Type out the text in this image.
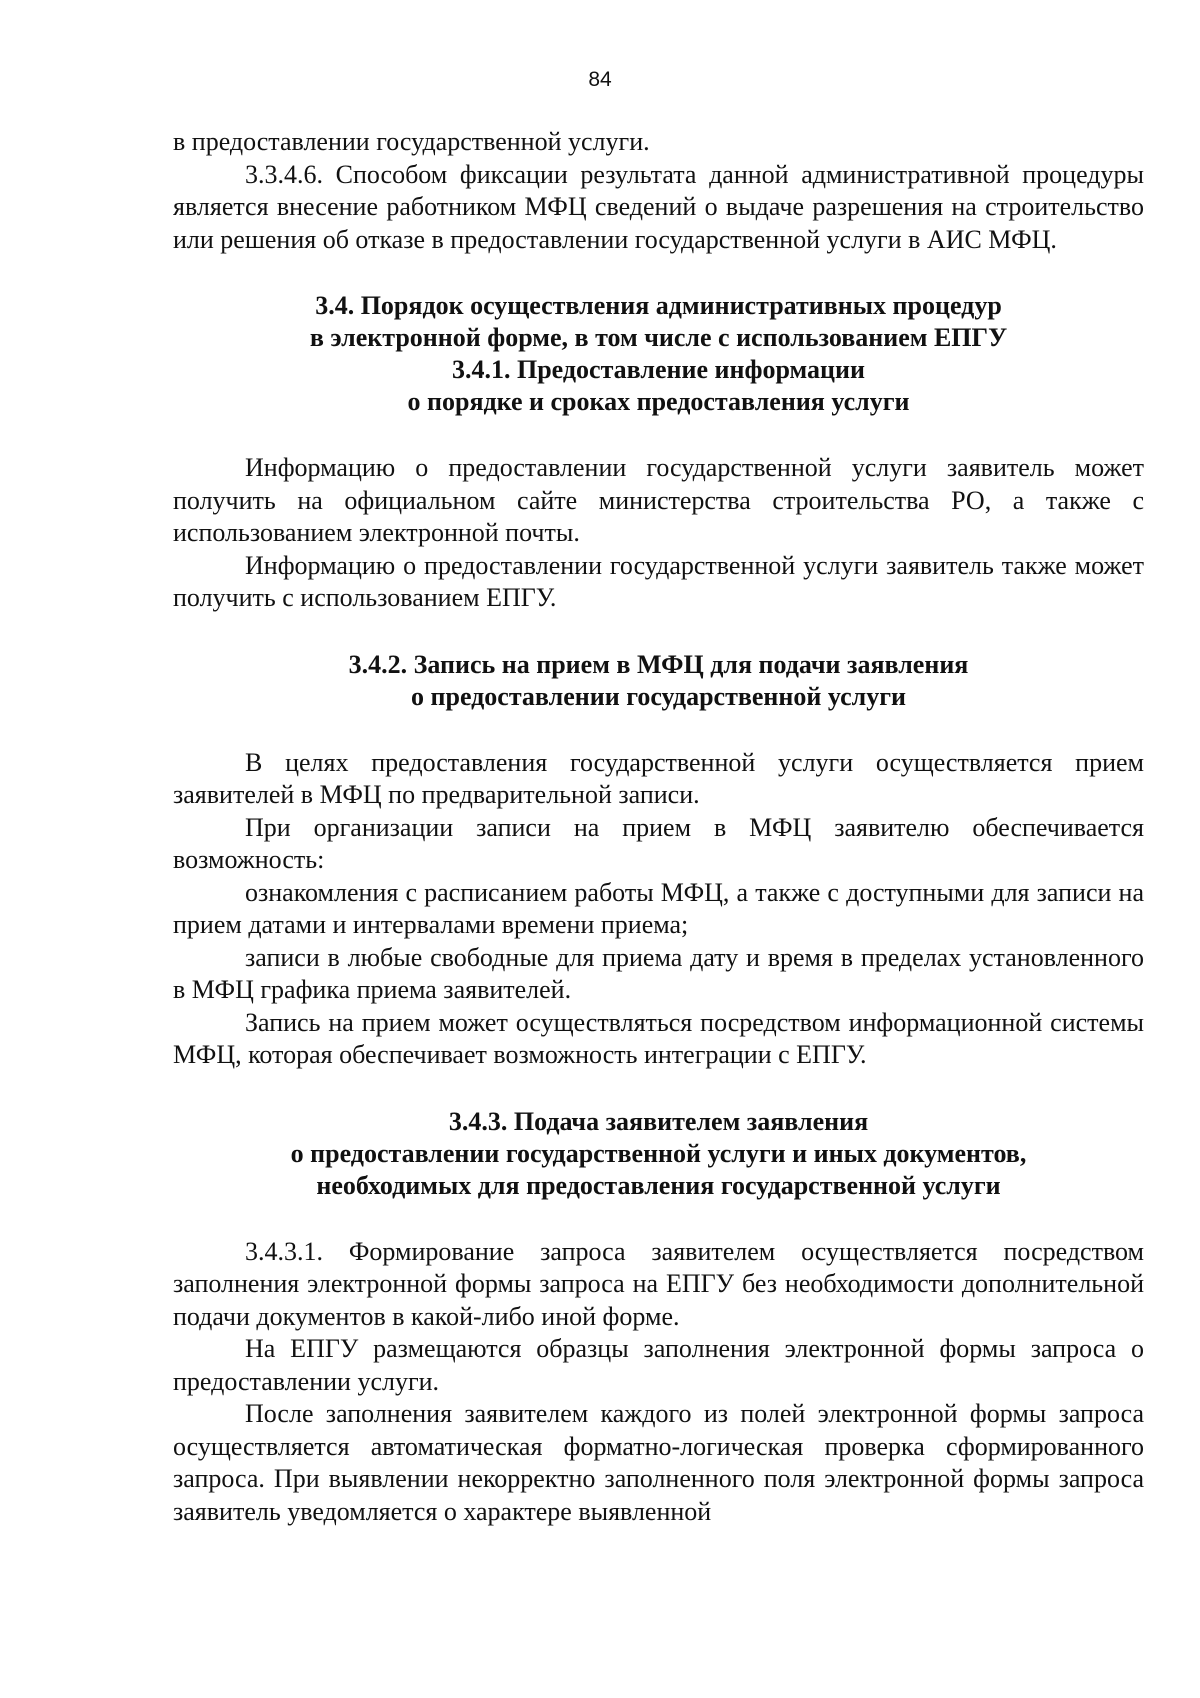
84

в предоставлении государственной услуги.

3.3.4.6. Способом фиксации результата данной административной процедуры является внесение работником МФЦ сведений о выдаче разрешения на строительство или решения об отказе в предоставлении государственной услуги в АИС МФЦ.

3.4. Порядок осуществления административных процедур
в электронной форме, в том числе с использованием ЕПГУ
3.4.1. Предоставление информации
о порядке и сроках предоставления услуги

Информацию о предоставлении государственной услуги заявитель может получить на официальном сайте министерства строительства РО, а также с использованием электронной почты.

Информацию о предоставлении государственной услуги заявитель также может получить с использованием ЕПГУ.

3.4.2. Запись на прием в МФЦ для подачи заявления
о предоставлении государственной услуги

В целях предоставления государственной услуги осуществляется прием заявителей в МФЦ по предварительной записи.

При организации записи на прием в МФЦ заявителю обеспечивается возможность:

ознакомления с расписанием работы МФЦ, а также с доступными для записи на прием датами и интервалами времени приема;

записи в любые свободные для приема дату и время в пределах установленного в МФЦ графика приема заявителей.

Запись на прием может осуществляться посредством информационной системы МФЦ, которая обеспечивает возможность интеграции с ЕПГУ.

3.4.3. Подача заявителем заявления
о предоставлении государственной услуги и иных документов,
необходимых для предоставления государственной услуги

3.4.3.1. Формирование запроса заявителем осуществляется посредством заполнения электронной формы запроса на ЕПГУ без необходимости дополнительной подачи документов в какой-либо иной форме.

На ЕПГУ размещаются образцы заполнения электронной формы запроса о предоставлении услуги.

После заполнения заявителем каждого из полей электронной формы запроса осуществляется автоматическая форматно-логическая проверка сформированного запроса. При выявлении некорректно заполненного поля электронной формы запроса заявитель уведомляется о характере выявленной
